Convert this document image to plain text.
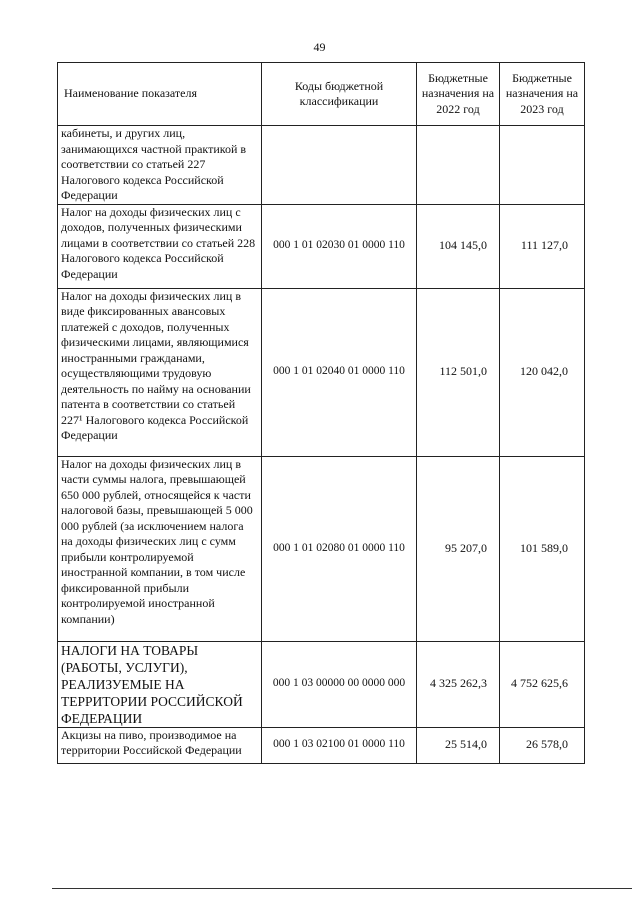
49
Наименование показателя	Коды бюджетной классификации	Бюджетные назначения на 2022 год	Бюджетные назначения на 2023 год
кабинеты, и других лиц, занимающихся частной практикой в соответствии со статьей 227 Налогового кодекса Российской Федерации			
Налог на доходы физических лиц с доходов, полученных физическими лицами в соответствии со статьей 228 Налогового кодекса Российской Федерации	000 1 01 02030 01 0000 110	104 145,0	111 127,0
Налог на доходы физических лиц в виде фиксированных авансовых платежей с доходов, полученных физическими лицами, являющимися иностранными гражданами, осуществляющими трудовую деятельность по найму на основании патента в соответствии со статьей 227¹ Налогового кодекса Российской Федерации	000 1 01 02040 01 0000 110	112 501,0	120 042,0
Налог на доходы физических лиц в части суммы налога, превышающей 650 000 рублей, относящейся к части налоговой базы, превышающей 5 000 000 рублей (за исключением налога на доходы физических лиц с сумм прибыли контролируемой иностранной компании, в том числе фиксированной прибыли контролируемой иностранной компании)	000 1 01 02080 01 0000 110	95 207,0	101 589,0
НАЛОГИ НА ТОВАРЫ (РАБОТЫ, УСЛУГИ), РЕАЛИЗУЕМЫЕ НА ТЕРРИТОРИИ РОССИЙСКОЙ ФЕДЕРАЦИИ	000 1 03 00000 00 0000 000	4 325 262,3	4 752 625,6
Акцизы на пиво, производимое на территории Российской Федерации	000 1 03 02100 01 0000 110	25 514,0	26 578,0
